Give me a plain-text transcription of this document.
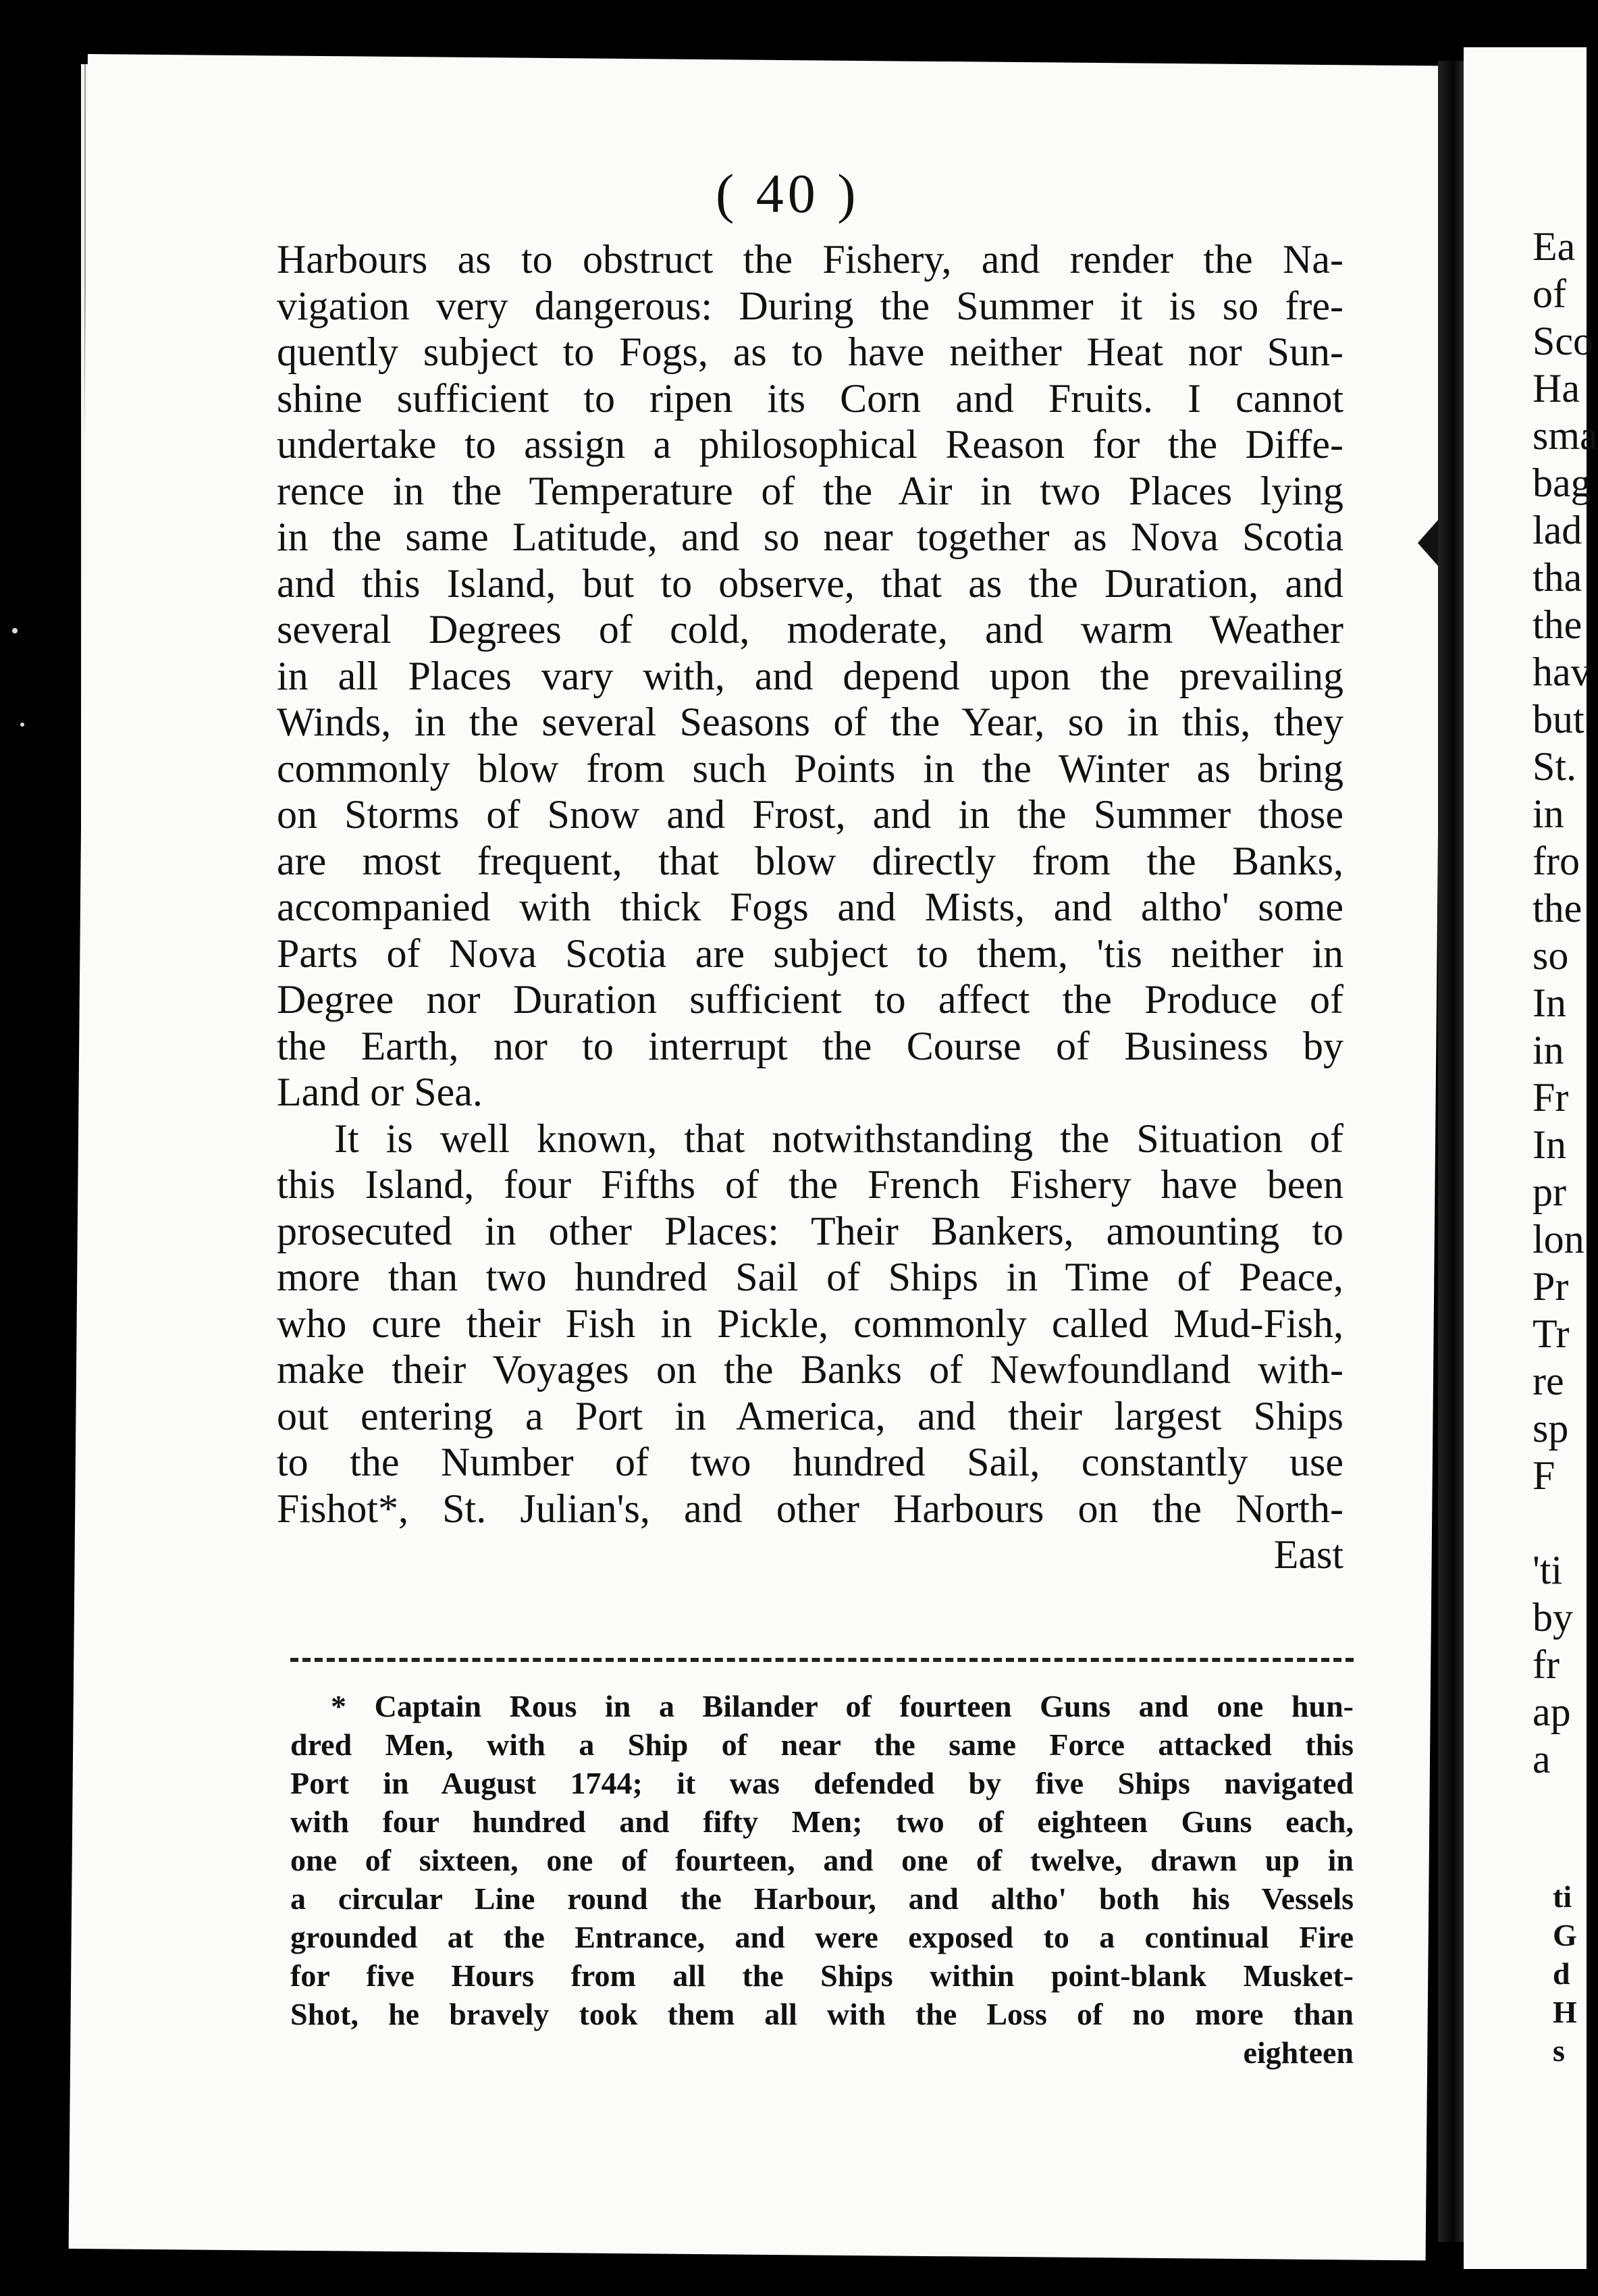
( 40 )
Harbours as to obstruct the Fishery, and render the Na-
vigation very dangerous: During the Summer it is so fre-
quently subject to Fogs, as to have neither Heat nor Sun-
shine sufficient to ripen its Corn and Fruits. I cannot
undertake to assign a philosophical Reason for the Diffe-
rence in the Temperature of the Air in two Places lying
in the same Latitude, and so near together as Nova Scotia
and this Island, but to observe, that as the Duration, and
several Degrees of cold, moderate, and warm Weather
in all Places vary with, and depend upon the prevailing
Winds, in the several Seasons of the Year, so in this, they
commonly blow from such Points in the Winter as bring
on Storms of Snow and Frost, and in the Summer those
are most frequent, that blow directly from the Banks,
accompanied with thick Fogs and Mists, and altho' some
Parts of Nova Scotia are subject to them, 'tis neither in
Degree nor Duration sufficient to affect the Produce of
the Earth, nor to interrupt the Course of Business by
Land or Sea.
It is well known, that notwithstanding the Situation of
this Island, four Fifths of the French Fishery have been
prosecuted in other Places: Their Bankers, amounting to
more than two hundred Sail of Ships in Time of Peace,
who cure their Fish in Pickle, commonly called Mud-Fish,
make their Voyages on the Banks of Newfoundland with-
out entering a Port in America, and their largest Ships
to the Number of two hundred Sail, constantly use
Fishot*, St. Julian's, and other Harbours on the North-
East
* Captain Rous in a Bilander of fourteen Guns and one hun-
dred Men, with a Ship of near the same Force attacked this
Port in August 1744; it was defended by five Ships navigated
with four hundred and fifty Men; two of eighteen Guns each,
one of sixteen, one of fourteen, and one of twelve, drawn up in
a circular Line round the Harbour, and altho' both his Vessels
grounded at the Entrance, and were exposed to a continual Fire
for five Hours from all the Ships within point-blank Musket-
Shot, he bravely took them all with the Loss of no more than
eighteen
Ea
of
Sco
Ha
sma
bag
lad
tha
the
hav
but
St.
in
fro
the
so
In
in
Fr
In
pr
lon
Pr
Tr
re
sp
F

'ti
by
fr
ap
a
ti
G
d
H
s
